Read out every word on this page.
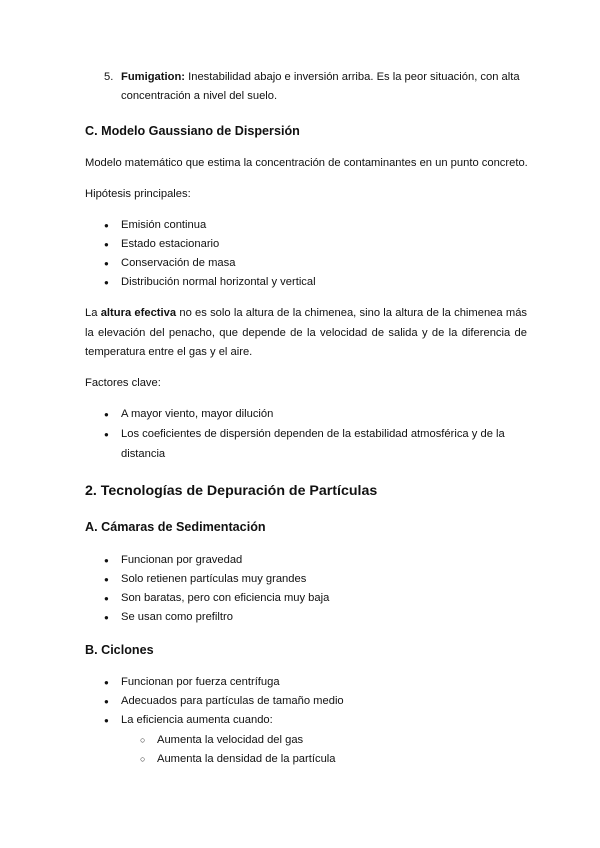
5. Fumigation: Inestabilidad abajo e inversión arriba. Es la peor situación, con alta
concentración a nivel del suelo.
C. Modelo Gaussiano de Dispersión
Modelo matemático que estima la concentración de contaminantes en un punto concreto.
Hipótesis principales:
● Emisión continua
● Estado estacionario
● Conservación de masa
● Distribución normal horizontal y vertical
La altura efectiva no es solo la altura de la chimenea, sino la altura de la chimenea más la elevación del penacho, que depende de la velocidad de salida y de la diferencia de temperatura entre el gas y el aire.
Factores clave:
● A mayor viento, mayor dilución
● Los coeficientes de dispersión dependen de la estabilidad atmosférica y de la distancia
2. Tecnologías de Depuración de Partículas
A. Cámaras de Sedimentación
● Funcionan por gravedad
● Solo retienen partículas muy grandes
● Son baratas, pero con eficiencia muy baja
● Se usan como prefiltro
B. Ciclones
● Funcionan por fuerza centrífuga
● Adecuados para partículas de tamaño medio
● La eficiencia aumenta cuando:
○ Aumenta la velocidad del gas
○ Aumenta la densidad de la partícula
